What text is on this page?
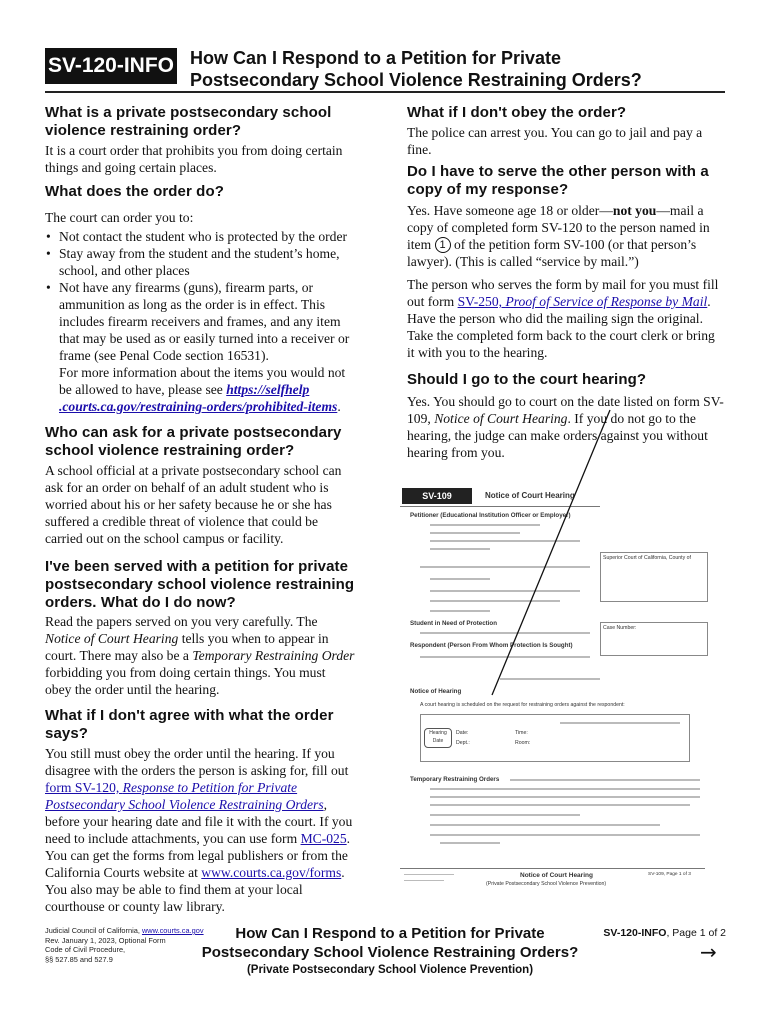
SV-120-INFO How Can I Respond to a Petition for Private
Postsecondary School Violence Restraining Orders?
What is a private postsecondary school
violence restraining order?

It is a court order that prohibits you from doing certain things and going certain places.

What does the order do?

The court can order you to:

• Not contact the student who is protected by the order
• Stay away from the student and the student’s home, school, and other places
• Not have any firearms (guns), firearm parts, or ammunition as long as the order is in effect. This includes firearm receivers and frames, and any item that may be used as or easily turned into a receiver or frame (see Penal Code section 16531).
For more information about the items you would not be allowed to have, please see https://selfhelp
.courts.ca.gov/restraining-orders/prohibited-items.
Who can ask for a private postsecondary
school violence restraining order?

A school official at a private postsecondary school can ask for an order on behalf of an adult student who is worried about his or her safety because he or she has suffered a credible threat of violence that could be carried out on the school campus or facility.

I've been served with a petition for private
postsecondary school violence restraining
orders. What do I do now?

Read the papers served on you very carefully. The Notice of Court Hearing tells you when to appear in court. There may also be a Temporary Restraining Order forbidding you from doing certain things. You must obey the order until the hearing.

What if I don't agree with what the order
says?

You still must obey the order until the hearing. If you disagree with the orders the person is asking for, fill out form SV-120, Response to Petition for Private Postsecondary School Violence Restraining Orders, before your hearing date and file it with the court. If you need to include attachments, you can use form MC-025. You can get the forms from legal publishers or from the California Courts website at www.courts.ca.gov/forms. You also may be able to find them at your local courthouse or county law library.

What if I don't obey the order?

The police can arrest you. You can go to jail and pay a fine.

Do I have to serve the other person with a
copy of my response?

Yes. Have someone age 18 or older—not you—mail a copy of completed form SV-120 to the person named in item 1 of the petition form SV-100 (or that person’s lawyer). (This is called “service by mail.”)

The person who serves the form by mail for you must fill out form SV-250, Proof of Service of Response by Mail. Have the person who did the mailing sign the original. Take the completed form back to the court clerk or bring it with you to the hearing.

Should I go to the court hearing?

Yes. You should go to court on the date listed on form SV-109, Notice of Court Hearing. If you do not go to the hearing, the judge can make orders against you without hearing from you.

SV-109	Notice of Court Hearing
Petitioner (Educational Institution Officer or Employer)
Student in Need of Protection
Respondent (Person From Whom Protection Is Sought)
Superior Court of California, County of
Case Number:
Notice of Hearing
A court hearing is scheduled on the request for restraining orders against the respondent:
Hearing Date
Date:
Dept.:
Time:
Room:
Temporary Restraining Orders
Notice of Court Hearing
(Private Postsecondary School Violence Prevention)
SV-109, Page 1 of 3
Judicial Council of California, www.courts.ca.gov
Rev. January 1, 2023, Optional Form
Code of Civil Procedure,
§§ 527.85 and 527.9
How Can I Respond to a Petition for Private
Postsecondary School Violence Restraining Orders?
(Private Postsecondary School Violence Prevention)
SV-120-INFO, Page 1 of 2
→
